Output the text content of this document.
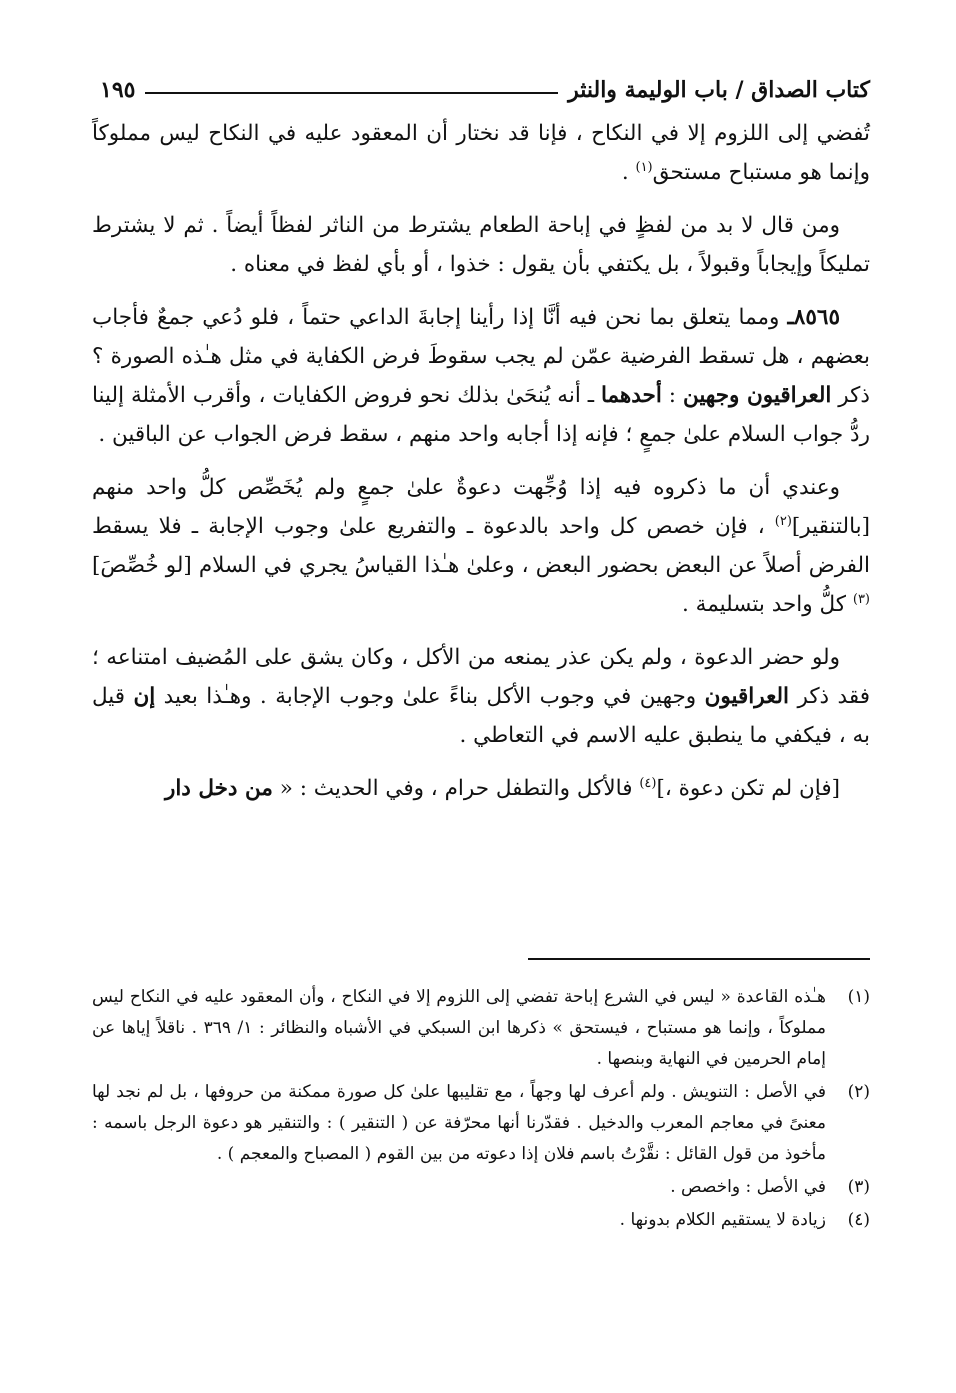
كتاب الصداق / باب الوليمة والنثر
١٩٥

تُفضي إلى اللزوم إلا في النكاح ، فإنا قد نختار أن المعقود عليه في النكاح ليس مملوكاً وإنما هو مستباح مستحق$^{(١)}$ .

ومن قال لا بد من لفظٍ في إباحة الطعام يشترط من الناثر لفظاً أيضاً . ثم لا يشترط تمليكاً وإيجاباً وقبولاً ، بل يكتفي بأن يقول : خذوا ، أو بأي لفظ في معناه .

٨٥٦٥ـ ومما يتعلق بما نحن فيه أنَّا إذا رأينا إجابةَ الداعي حتماً ، فلو دُعي جمعٌ فأجاب بعضهم ، هل تسقط الفرضية عمّن لم يجب سقوطَ فرض الكفاية في مثل هـٰذه الصورة ؟ ذكر العراقيون وجهين : أحدهما ـ أنه يُنحَىٰ بذلك نحو فروض الكفايات ، وأقرب الأمثلة إلينا ردُّ جواب السلام علىٰ جمعٍ ؛ فإنه إذا أجابه واحد منهم ، سقط فرض الجواب عن الباقين .

وعندي أن ما ذكروه فيه إذا وُجِّهت دعوةٌ علىٰ جمعٍ ولم يُخَصِّص كلُّ واحد منهم [بالتنقير]$^{(٢)}$ ، فإن خصص كل واحد بالدعوة ـ والتفريع علىٰ وجوب الإجابة ـ فلا يسقط الفرض أصلاً عن البعض بحضور البعض ، وعلىٰ هـٰذا القياسُ يجري في السلام [لو خُصِّصَ]$^{(٣)}$ كلُّ واحد بتسليمة .

ولو حضر الدعوة ، ولم يكن عذر يمنعه من الأكل ، وكان يشق على المُضيف امتناعه ؛ فقد ذكر العراقيون وجهين في وجوب الأكل بناءً علىٰ وجوب الإجابة . وهـٰذا بعيد إن قيل به ، فيكفي ما ينطبق عليه الاسم في التعاطي .

[فإن لم تكن دعوة ،]$^{(٤)}$ فالأكل والتطفل حرام ، وفي الحديث : « من دخل دار

(١)
هـٰذه القاعدة « ليس في الشرع إباحة تفضي إلى اللزوم إلا في النكاح ، وأن المعقود عليه في النكاح ليس مملوكاً ، وإنما هو مستباح ، فيستحق » ذكرها ابن السبكي في الأشباه والنظائر : ١/ ٣٦٩ . ناقلاً إياها عن إمام الحرمين في النهاية وبنصها .
(٢)
في الأصل : التنويش . ولم أعرف لها وجهاً ، مع تقليبها علىٰ كل صورة ممكنة من حروفها ، بل لم نجد لها معنىً في معاجم المعرب والدخيل . فقدّرنا أنها محرّفة عن ( التنقير ) : والتنقير هو دعوة الرجل باسمه : مأخوذ من قول القائل : نقَّرْتُ باسم فلان إذا دعوته من بين القوم ( المصباح والمعجم ) .
(٣)
في الأصل : واخصص .
(٤)
زيادة لا يستقيم الكلام بدونها .
